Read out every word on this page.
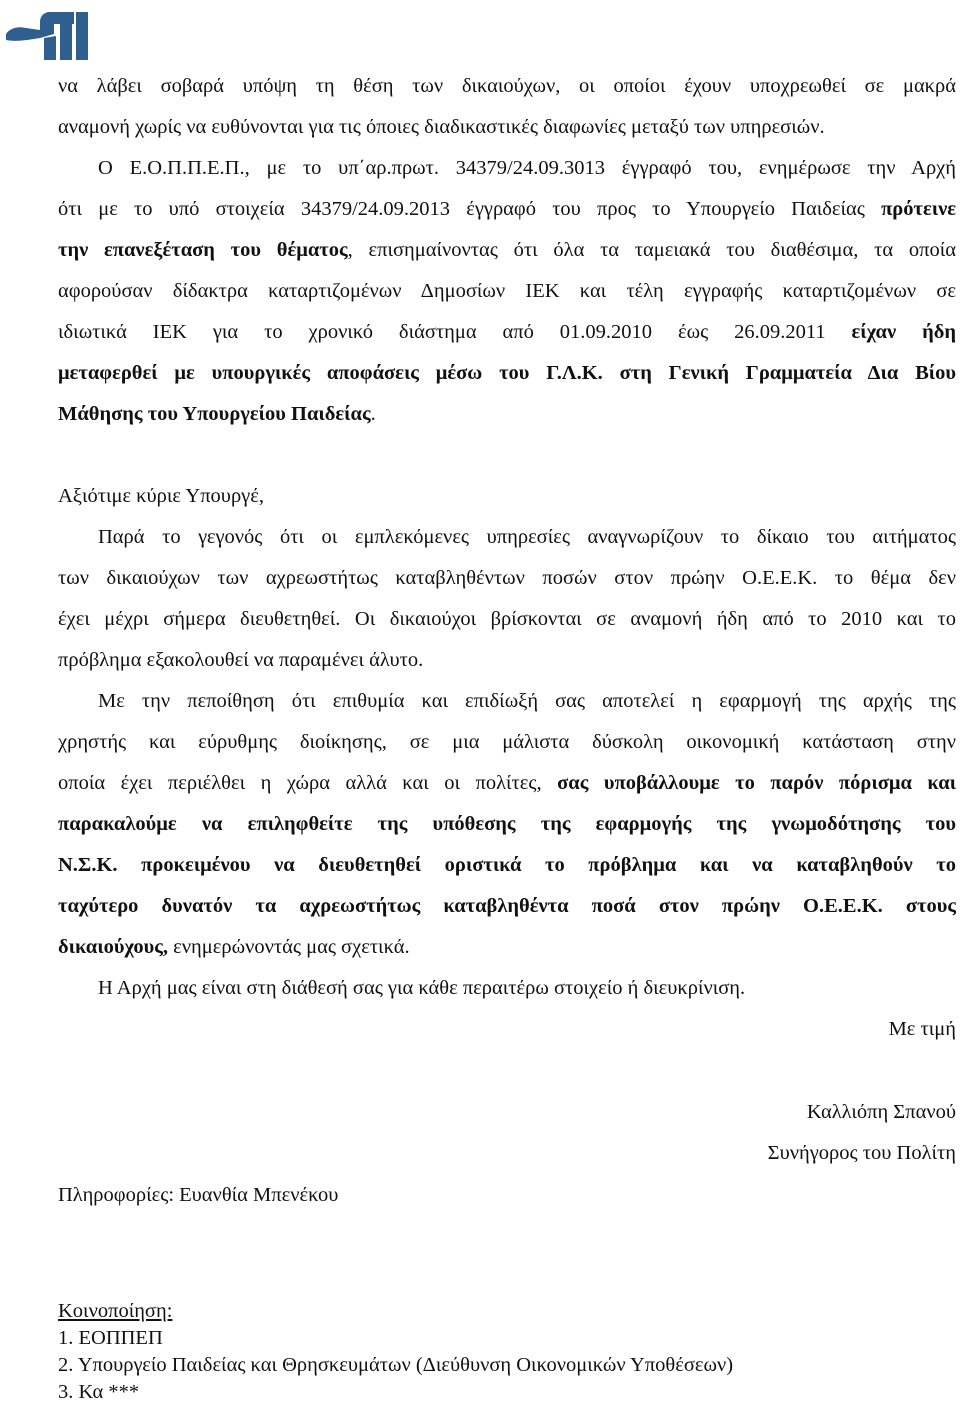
να λάβει σοβαρά υπόψη τη θέση των δικαιούχων, οι οποίοι έχουν υποχρεωθεί σε μακρά
αναμονή χωρίς να ευθύνονται για τις όποιες διαδικαστικές διαφωνίες μεταξύ των υπηρεσιών.
Ο Ε.Ο.Π.Π.Ε.Π., με το υπ΄αρ.πρωτ. 34379/24.09.3013 έγγραφό του, ενημέρωσε την Αρχή
ότι με το υπό στοιχεία 34379/24.09.2013 έγγραφό του προς το Υπουργείο Παιδείας πρότεινε
την επανεξέταση του θέματος, επισημαίνοντας ότι όλα τα ταμειακά του διαθέσιμα, τα οποία
αφορούσαν δίδακτρα καταρτιζομένων Δημοσίων ΙΕΚ και τέλη εγγραφής καταρτιζομένων σε
ιδιωτικά ΙΕΚ για το χρονικό διάστημα από 01.09.2010 έως 26.09.2011 είχαν ήδη
μεταφερθεί με υπουργικές αποφάσεις μέσω του Γ.Λ.Κ. στη Γενική Γραμματεία Δια Βίου
Μάθησης του Υπουργείου Παιδείας.
Αξιότιμε κύριε Υπουργέ,
Παρά το γεγονός ότι οι εμπλεκόμενες υπηρεσίες αναγνωρίζουν το δίκαιο του αιτήματος
των δικαιούχων των αχρεωστήτως καταβληθέντων ποσών στον πρώην Ο.Ε.Ε.Κ. το θέμα δεν
έχει μέχρι σήμερα διευθετηθεί. Οι δικαιούχοι βρίσκονται σε αναμονή ήδη από το 2010 και το
πρόβλημα εξακολουθεί να παραμένει άλυτο.
Με την πεποίθηση ότι επιθυμία και επιδίωξή σας αποτελεί η εφαρμογή της αρχής της
χρηστής και εύρυθμης διοίκησης, σε μια μάλιστα δύσκολη οικονομική κατάσταση στην
οποία έχει περιέλθει η χώρα αλλά και οι πολίτες, σας υποβάλλουμε το παρόν πόρισμα και
παρακαλούμε να επιληφθείτε της υπόθεσης της εφαρμογής της γνωμοδότησης του
Ν.Σ.Κ. προκειμένου να διευθετηθεί οριστικά το πρόβλημα και να καταβληθούν το
ταχύτερο δυνατόν τα αχρεωστήτως καταβληθέντα ποσά στον πρώην Ο.Ε.Ε.Κ. στους
δικαιούχους, ενημερώνοντάς μας σχετικά.
Η Αρχή μας είναι στη διάθεσή σας για κάθε περαιτέρω στοιχείο ή διευκρίνιση.
Με τιμή
Καλλιόπη Σπανού
Συνήγορος του Πολίτη
Πληροφορίες: Ευανθία Μπενέκου
Κοινοποίηση:
1. ΕΟΠΠΕΠ
2. Υπουργείο Παιδείας και Θρησκευμάτων (Διεύθυνση Οικονομικών Υποθέσεων)
3. Κα ***
